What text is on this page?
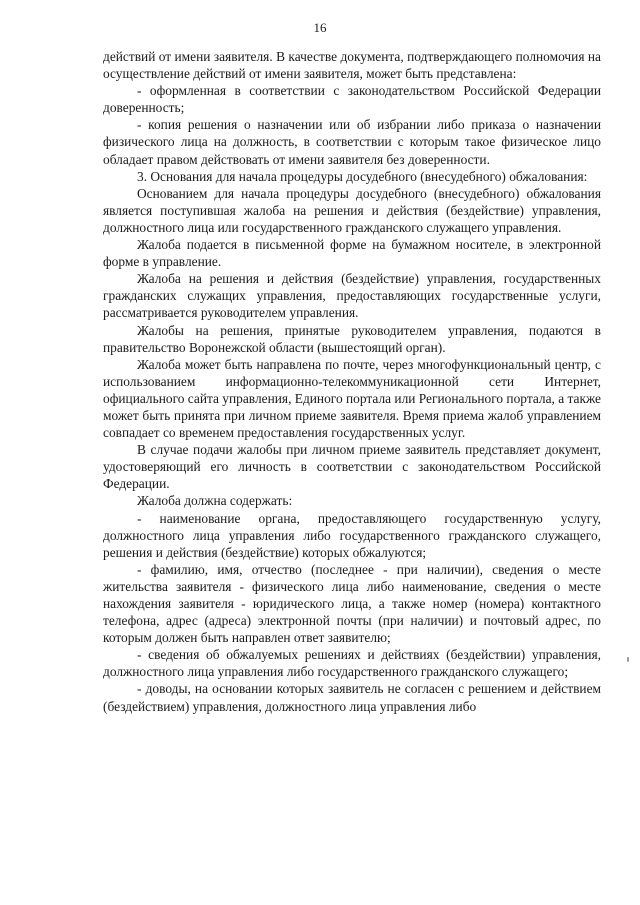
16

действий от имени заявителя. В качестве документа, подтверждающего полномочия на осуществление действий от имени заявителя, может быть представлена:

- оформленная в соответствии с законодательством Российской Федерации доверенность;

- копия решения о назначении или об избрании либо приказа о назначении физического лица на должность, в соответствии с которым такое физическое лицо обладает правом действовать от имени заявителя без доверенности.

3. Основания для начала процедуры досудебного (внесудебного) обжалования:

Основанием для начала процедуры досудебного (внесудебного) обжалования является поступившая жалоба на решения и действия (бездействие) управления, должностного лица или государственного гражданского служащего управления.

Жалоба подается в письменной форме на бумажном носителе, в электронной форме в управление.

Жалоба на решения и действия (бездействие) управления, государственных гражданских служащих управления, предоставляющих государственные услуги, рассматривается руководителем управления.

Жалобы на решения, принятые руководителем управления, подаются в правительство Воронежской области (вышестоящий орган).

Жалоба может быть направлена по почте, через многофункциональный центр, с использованием информационно-телекоммуникационной сети Интернет, официального сайта управления, Единого портала или Регионального портала, а также может быть принята при личном приеме заявителя. Время приема жалоб управлением совпадает со временем предоставления государственных услуг.

В случае подачи жалобы при личном приеме заявитель представляет документ, удостоверяющий его личность в соответствии с законодательством Российской Федерации.

Жалоба должна содержать:

- наименование органа, предоставляющего государственную услугу, должностного лица управления либо государственного гражданского служащего, решения и действия (бездействие) которых обжалуются;

- фамилию, имя, отчество (последнее - при наличии), сведения о месте жительства заявителя - физического лица либо наименование, сведения о месте нахождения заявителя - юридического лица, а также номер (номера) контактного телефона, адрес (адреса) электронной почты (при наличии) и почтовый адрес, по которым должен быть направлен ответ заявителю;

- сведения об обжалуемых решениях и действиях (бездействии) управления, должностного лица управления либо государственного гражданского служащего;

- доводы, на основании которых заявитель не согласен с решением и действием (бездействием) управления, должностного лица управления либо
